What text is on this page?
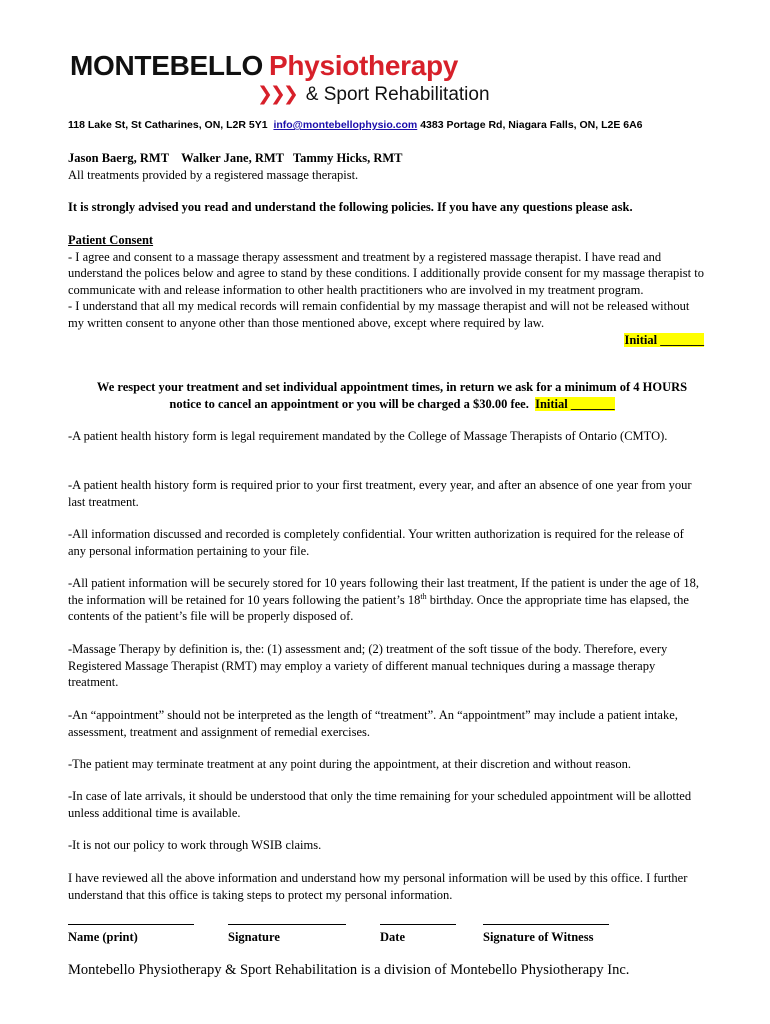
MONTEBELLO Physiotherapy
❯❯❯ & Sport Rehabilitation
118 Lake St, St Catharines, ON, L2R 5Y1 info@montebellophysio.com 4383 Portage Rd, Niagara Falls, ON, L2E 6A6

Jason Baerg, RMT    Walker Jane, RMT   Tammy Hicks, RMT

All treatments provided by a registered massage therapist.

It is strongly advised you read and understand the following policies. If you have any questions please ask.

Patient Consent

- I agree and consent to a massage therapy assessment and treatment by a registered massage therapist. I have read and understand the polices below and agree to stand by these conditions. I additionally provide consent for my massage therapist to communicate with and release information to other health practitioners who are involved in my treatment program.

- I understand that all my medical records will remain confidential by my massage therapist and will not be released without my written consent to anyone other than those mentioned above, except where required by law.

Initial _______

We respect your treatment and set individual appointment times, in return we ask for a minimum of 4 HOURS notice to cancel an appointment or you will be charged a $30.00 fee. Initial _______
-A patient health history form is legal requirement mandated by the College of Massage Therapists of Ontario (CMTO).
-A patient health history form is required prior to your first treatment, every year, and after an absence of one year from your last treatment.
-All information discussed and recorded is completely confidential. Your written authorization is required for the release of any personal information pertaining to your file.
-All patient information will be securely stored for 10 years following their last treatment, If the patient is under the age of 18, the information will be retained for 10 years following the patient’s 18th birthday. Once the appropriate time has elapsed, the contents of the patient’s file will be properly disposed of.
-Massage Therapy by definition is, the: (1) assessment and; (2) treatment of the soft tissue of the body. Therefore, every Registered Massage Therapist (RMT) may employ a variety of different manual techniques during a massage therapy treatment.
-An “appointment” should not be interpreted as the length of “treatment”. An “appointment” may include a patient intake, assessment, treatment and assignment of remedial exercises.
-The patient may terminate treatment at any point during the appointment, at their discretion and without reason.
-In case of late arrivals, it should be understood that only the time remaining for your scheduled appointment will be allotted unless additional time is available.
-It is not our policy to work through WSIB claims.
I have reviewed all the above information and understand how my personal information will be used by this office. I further understand that this office is taking steps to protect my personal information.
Name (print)	Signature	Date	Signature of Witness
Montebello Physiotherapy & Sport Rehabilitation is a division of Montebello Physiotherapy Inc.
